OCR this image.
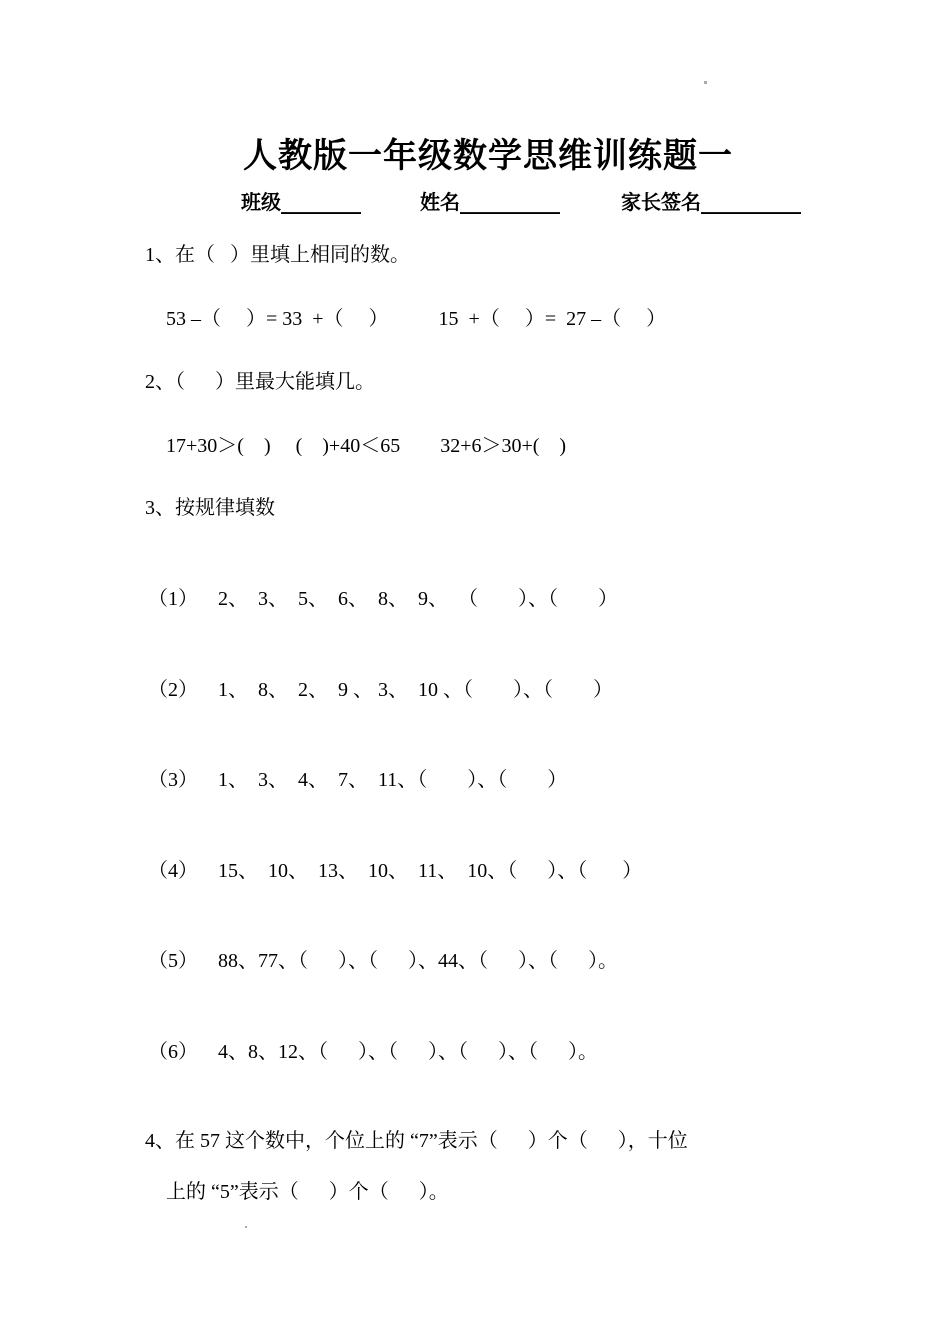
人教版一年级数学思维训练题一
班级________	姓名__________	家长签名__________
1、在（   ）里填上相同的数。
53 –（     ）= 33  +（     ）          15  +（     ）=  27 –（     ）
2、（      ）里最大能填几。
17+30＞(    )     (    )+40＜65        32+6＞30+(    )
3、按规律填数
（1）    2、  3、  5、  6、  8、  9、  （        ）、（        ）
（2）    1、  8、  2、  9 、 3、  10 、（        ）、（        ）
（3）    1、  3、  4、  7、  11、（        ）、（        ）
（4）    15、  10、  13、  10、  11、  10、（      ）、（       ）
（5）    88、77、（      ）、（      ）、44、（      ）、（      ）。
（6）    4、8、12、（      ）、（      ）、（      ）、（      ）。
4、在 57 这个数中，个位上的 “7”表示（      ）个（      ），十位
上的 “5”表示（      ）个（      ）。
